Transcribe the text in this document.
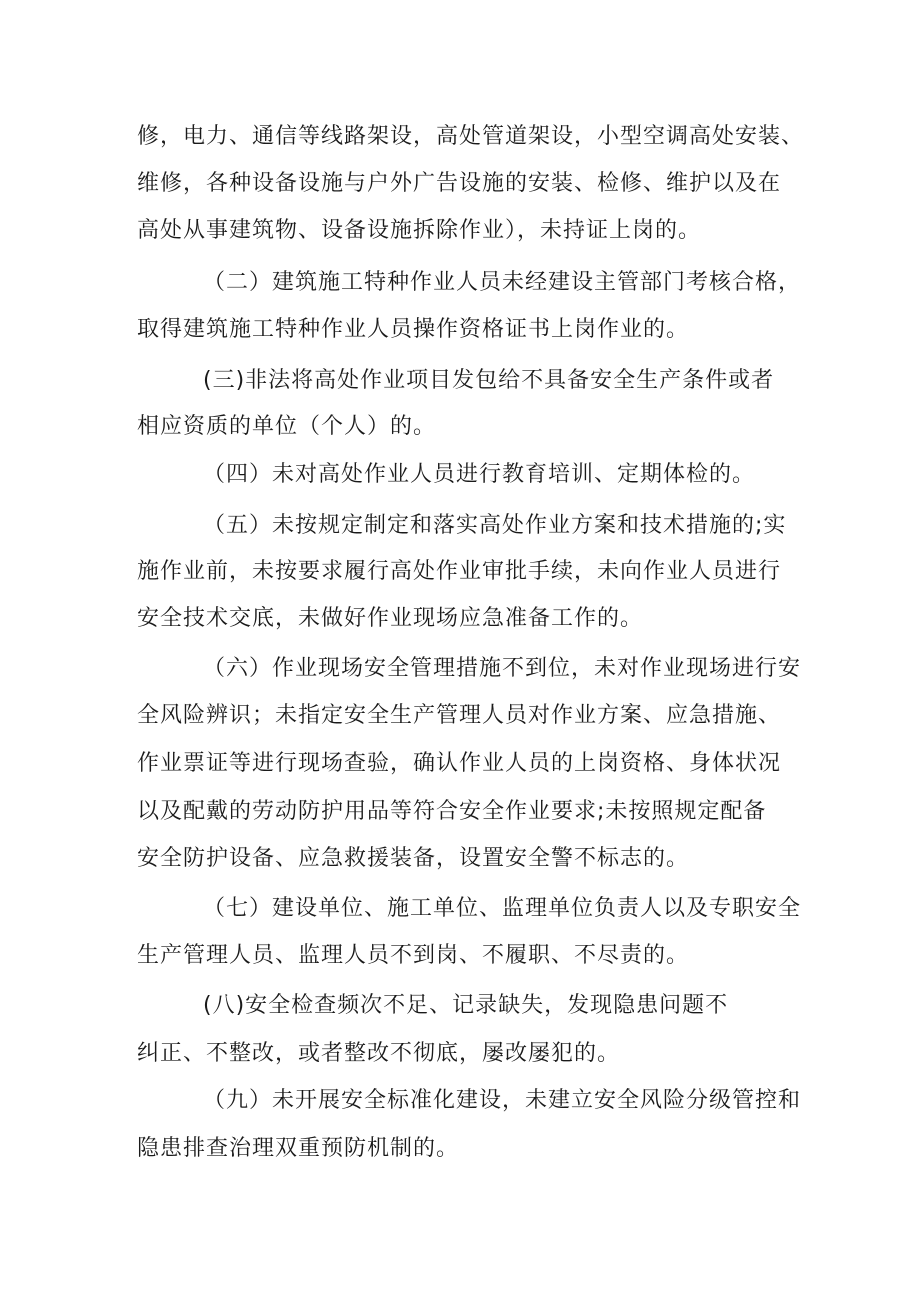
修，电力、通信等线路架设，高处管道架设，小型空调高处安装、
维修，各种设备设施与户外广告设施的安装、检修、维护以及在
高处从事建筑物、设备设施拆除作业），未持证上岗的。
（二）建筑施工特种作业人员未经建设主管部门考核合格，
取得建筑施工特种作业人员操作资格证书上岗作业的。
(三)非法将高处作业项目发包给不具备安全生产条件或者
相应资质的单位（个人）的。
（四）未对高处作业人员进行教育培训、定期体检的。
（五）未按规定制定和落实高处作业方案和技术措施的;实
施作业前，未按要求履行高处作业审批手续，未向作业人员进行
安全技术交底，未做好作业现场应急准备工作的。
（六）作业现场安全管理措施不到位，未对作业现场进行安
全风险辨识；未指定安全生产管理人员对作业方案、应急措施、
作业票证等进行现场查验，确认作业人员的上岗资格、身体状况
以及配戴的劳动防护用品等符合安全作业要求;未按照规定配备
安全防护设备、应急救援装备，设置安全警不标志的。
（七）建设单位、施工单位、监理单位负责人以及专职安全
生产管理人员、监理人员不到岗、不履职、不尽责的。
(八)安全检查频次不足、记录缺失，发现隐患问题不
纠正、不整改，或者整改不彻底，屡改屡犯的。
（九）未开展安全标准化建设，未建立安全风险分级管控和
隐患排查治理双重预防机制的。
